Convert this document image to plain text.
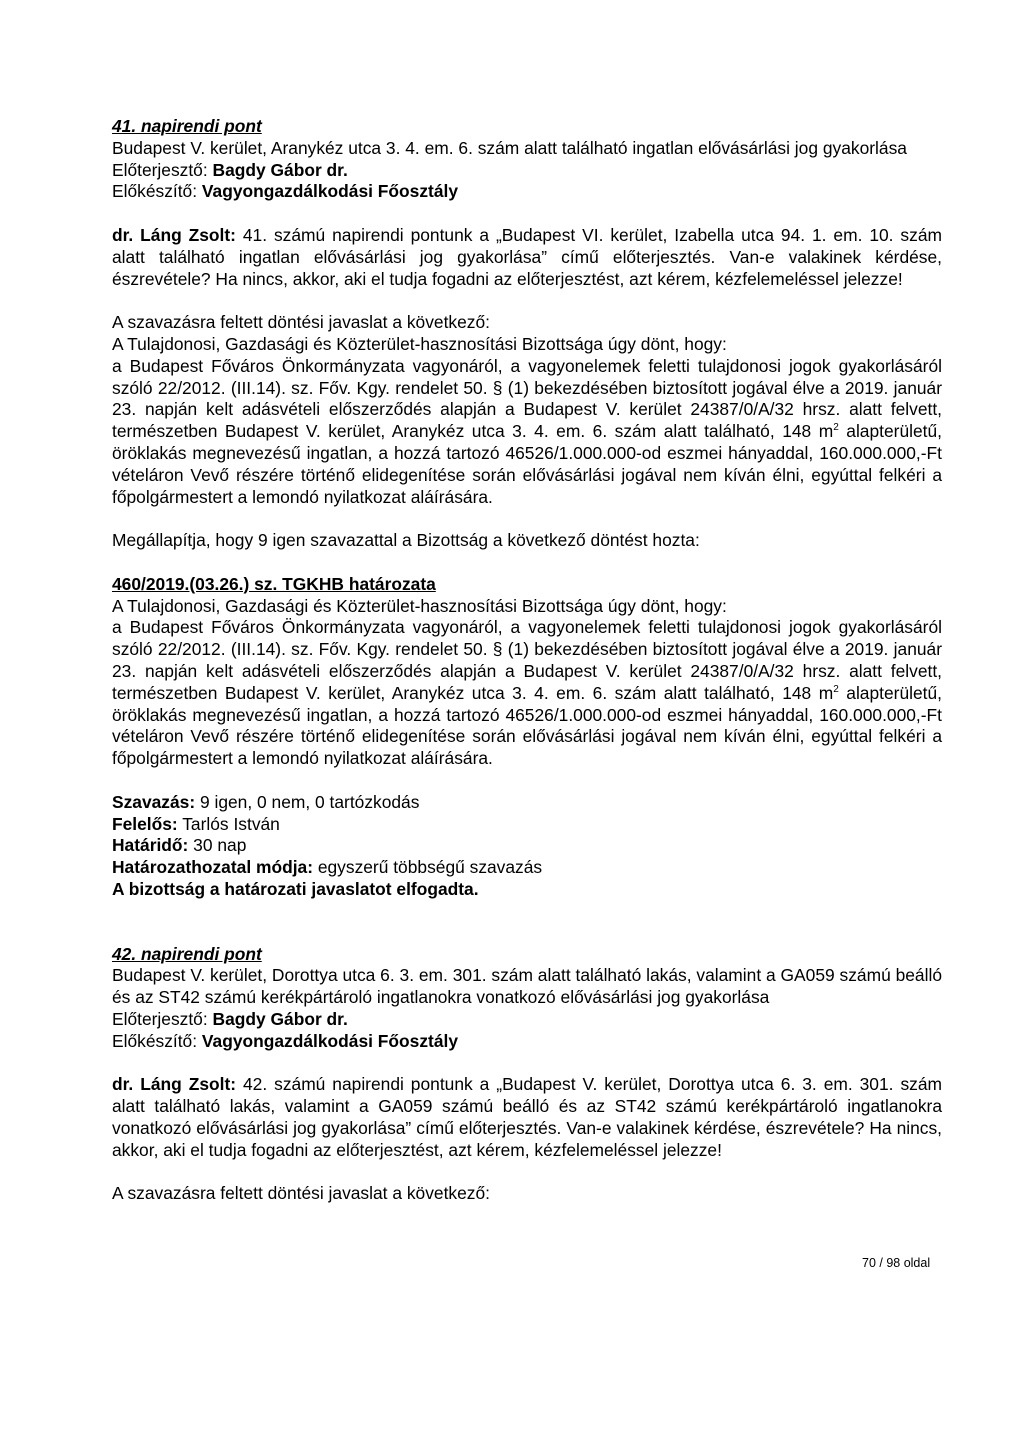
41. napirendi pont

Budapest V. kerület, Aranykéz utca 3. 4. em. 6. szám alatt található ingatlan elővásárlási jog gyakorlása

Előterjesztő: Bagdy Gábor dr.

Előkészítő: Vagyongazdálkodási Főosztály

dr. Láng Zsolt: 41. számú napirendi pontunk a „Budapest VI. kerület, Izabella utca 94. 1. em. 10. szám alatt található ingatlan elővásárlási jog gyakorlása” című előterjesztés. Van-e valakinek kérdése, észrevétele? Ha nincs, akkor, aki el tudja fogadni az előterjesztést, azt kérem, kézfelemeléssel jelezze!

A szavazásra feltett döntési javaslat a következő:

A Tulajdonosi, Gazdasági és Közterület-hasznosítási Bizottsága úgy dönt, hogy:

a Budapest Főváros Önkormányzata vagyonáról, a vagyonelemek feletti tulajdonosi jogok gyakorlásáról szóló 22/2012. (III.14). sz. Főv. Kgy. rendelet 50. § (1) bekezdésében biztosított jogával élve a 2019. január 23. napján kelt adásvételi előszerződés alapján a Budapest V. kerület 24387/0/A/32 hrsz. alatt felvett, természetben Budapest V. kerület, Aranykéz utca 3. 4. em. 6. szám alatt található, 148 $m^2$ alapterületű, öröklakás megnevezésű ingatlan, a hozzá tartozó 46526/1.000.000-od eszmei hányaddal, 160.000.000,-Ft vételáron Vevő részére történő elidegenítése során elővásárlási jogával nem kíván élni, egyúttal felkéri a főpolgármestert a lemondó nyilatkozat aláírására.

Megállapítja, hogy 9 igen szavazattal a Bizottság a következő döntést hozta:

460/2019.(03.26.) sz. TGKHB határozata

A Tulajdonosi, Gazdasági és Közterület-hasznosítási Bizottsága úgy dönt, hogy:

a Budapest Főváros Önkormányzata vagyonáról, a vagyonelemek feletti tulajdonosi jogok gyakorlásáról szóló 22/2012. (III.14). sz. Főv. Kgy. rendelet 50. § (1) bekezdésében biztosított jogával élve a 2019. január 23. napján kelt adásvételi előszerződés alapján a Budapest V. kerület 24387/0/A/32 hrsz. alatt felvett, természetben Budapest V. kerület, Aranykéz utca 3. 4. em. 6. szám alatt található, 148 $m^2$ alapterületű, öröklakás megnevezésű ingatlan, a hozzá tartozó 46526/1.000.000-od eszmei hányaddal, 160.000.000,-Ft vételáron Vevő részére történő elidegenítése során elővásárlási jogával nem kíván élni, egyúttal felkéri a főpolgármestert a lemondó nyilatkozat aláírására.

Szavazás: 9 igen, 0 nem, 0 tartózkodás

Felelős: Tarlós István

Határidő: 30 nap

Határozathozatal módja: egyszerű többségű szavazás

A bizottság a határozati javaslatot elfogadta.

42. napirendi pont

Budapest V. kerület, Dorottya utca 6. 3. em. 301. szám alatt található lakás, valamint a GA059 számú beálló és az ST42 számú kerékpártároló ingatlanokra vonatkozó elővásárlási jog gyakorlása

Előterjesztő: Bagdy Gábor dr.

Előkészítő: Vagyongazdálkodási Főosztály

dr. Láng Zsolt: 42. számú napirendi pontunk a „Budapest V. kerület, Dorottya utca 6. 3. em. 301. szám alatt található lakás, valamint a GA059 számú beálló és az ST42 számú kerékpártároló ingatlanokra vonatkozó elővásárlási jog gyakorlása” című előterjesztés. Van-e valakinek kérdése, észrevétele? Ha nincs, akkor, aki el tudja fogadni az előterjesztést, azt kérem, kézfelemeléssel jelezze!

A szavazásra feltett döntési javaslat a következő:

70 / 98 oldal
